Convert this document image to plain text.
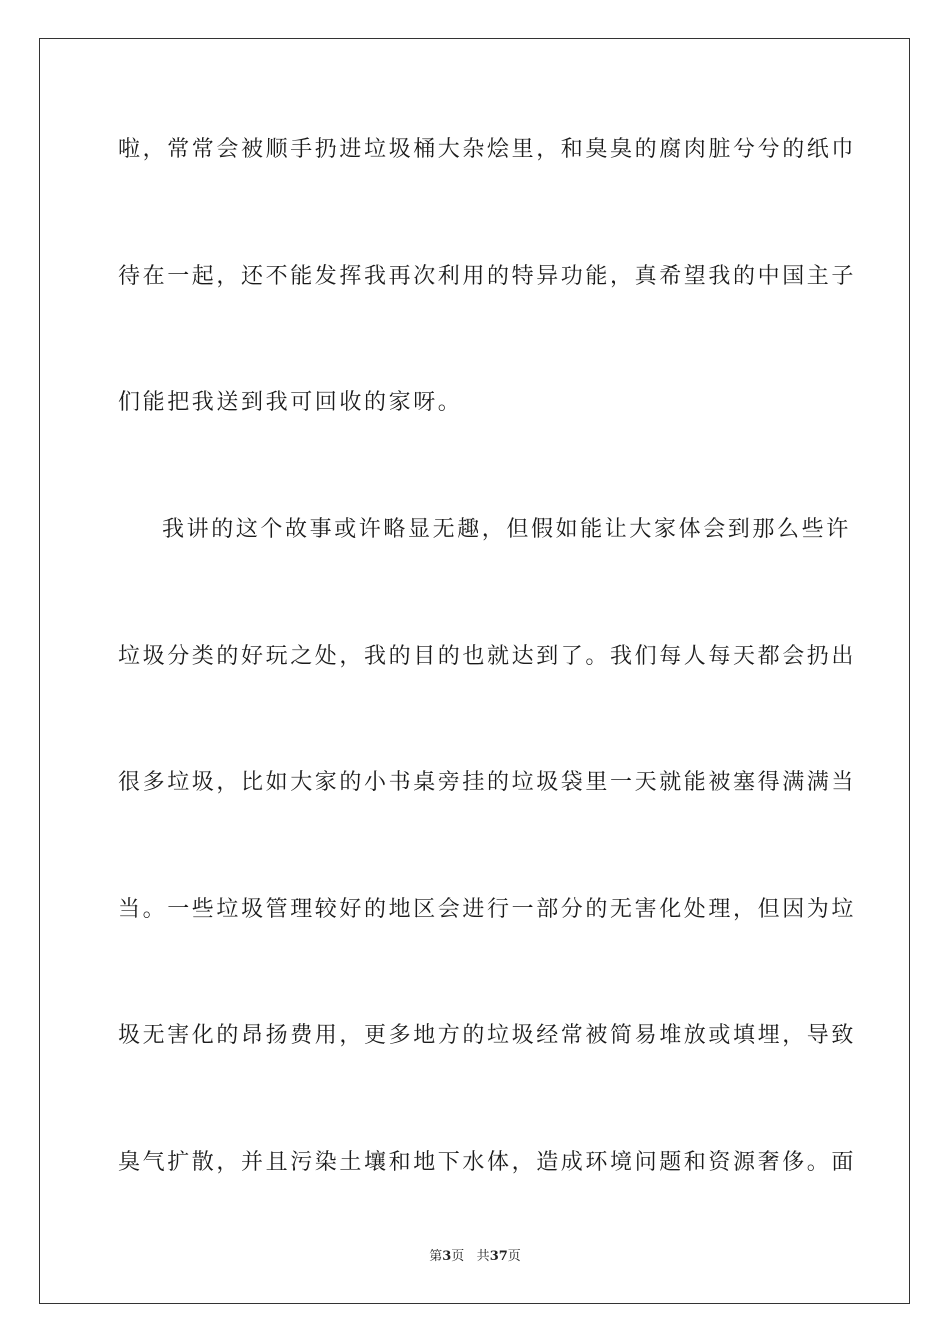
啦，常常会被顺手扔进垃圾桶大杂烩里，和臭臭的腐肉脏兮兮的纸巾
待在一起，还不能发挥我再次利用的特异功能，真希望我的中国主子
们能把我送到我可回收的家呀。
我讲的这个故事或许略显无趣，但假如能让大家体会到那么些许
垃圾分类的好玩之处，我的目的也就达到了。我们每人每天都会扔出
很多垃圾，比如大家的小书桌旁挂的垃圾袋里一天就能被塞得满满当
当。一些垃圾管理较好的地区会进行一部分的无害化处理，但因为垃
圾无害化的昂扬费用，更多地方的垃圾经常被简易堆放或填埋，导致
臭气扩散，并且污染土壤和地下水体，造成环境问题和资源奢侈。面
第3页 共37页
